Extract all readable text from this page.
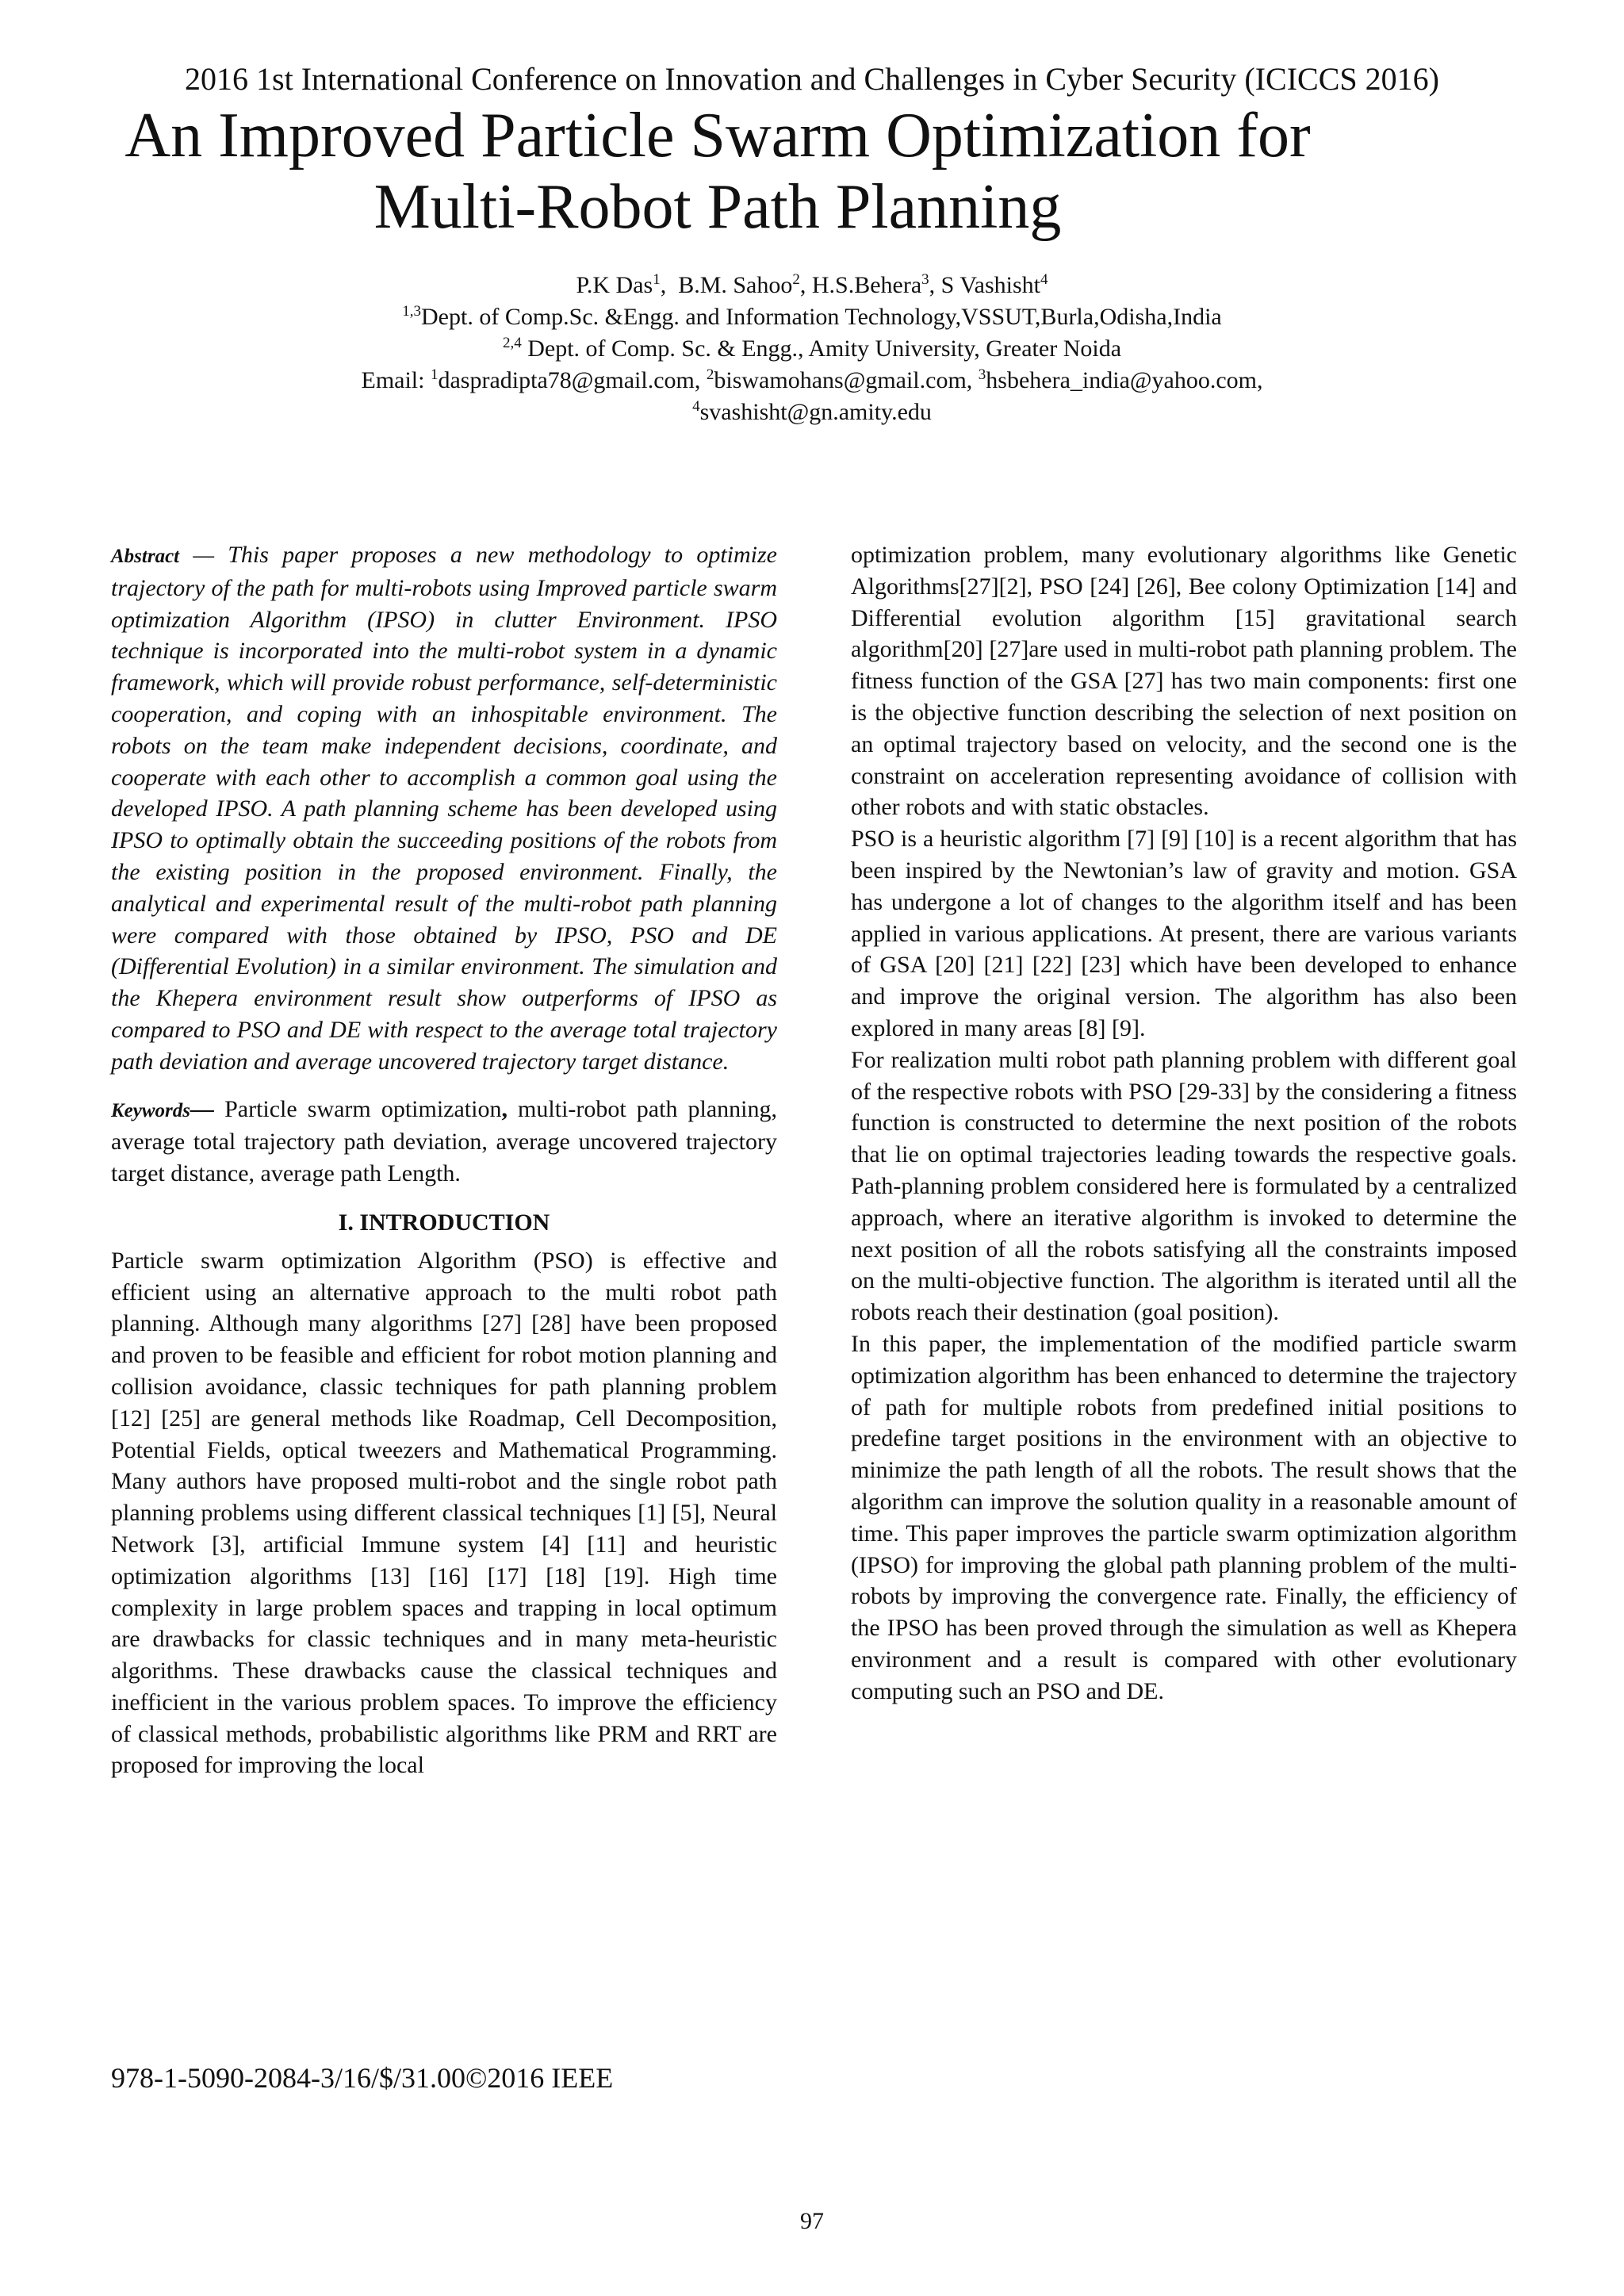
2016 1st International Conference on Innovation and Challenges in Cyber Security (ICICCS 2016)
An Improved Particle Swarm Optimization for
Multi-Robot Path Planning
P.K Das$^1$,  B.M. Sahoo$^2$, H.S.Behera$^3$, S Vashisht$^4$
$^{1,3}$Dept. of Comp.Sc. &Engg. and Information Technology,VSSUT,Burla,Odisha,India
$^{2,4}$ Dept. of Comp. Sc. & Engg., Amity University, Greater Noida
Email: $^1$daspradipta78@gmail.com, $^2$biswamohans@gmail.com, $^3$hsbehera_india@yahoo.com,
$^4$svashisht@gn.amity.edu

Abstract — This paper proposes a new methodology to optimize trajectory of the path for multi-robots using Improved particle swarm optimization Algorithm (IPSO) in clutter Environment. IPSO technique is incorporated into the multi-robot system in a dynamic framework, which will provide robust performance, self-deterministic cooperation, and coping with an inhospitable environment. The robots on the team make independent decisions, coordinate, and cooperate with each other to accomplish a common goal using the developed IPSO. A path planning scheme has been developed using IPSO to optimally obtain the succeeding positions of the robots from the existing position in the proposed environment. Finally, the analytical and experimental result of the multi-robot path planning were compared with those obtained by IPSO, PSO and DE (Differential Evolution) in a similar environment. The simulation and the Khepera environment result show outperforms of IPSO as compared to PSO and DE with respect to the average total trajectory path deviation and average uncovered trajectory target distance.

Keywords— Particle swarm optimization, multi-robot path planning, average total trajectory path deviation, average uncovered trajectory target distance, average path Length.

I. INTRODUCTION

Particle swarm optimization Algorithm (PSO) is effective and efficient using an alternative approach to the multi robot path planning. Although many algorithms [27] [28] have been proposed and proven to be feasible and efficient for robot motion planning and collision avoidance, classic techniques for path planning problem [12] [25] are general methods like Roadmap, Cell Decomposition, Potential Fields, optical tweezers and Mathematical Programming. Many authors have proposed multi-robot and the single robot path planning problems using different classical techniques [1] [5], Neural Network [3], artificial Immune system [4] [11] and heuristic optimization algorithms [13] [16] [17] [18] [19]. High time complexity in large problem spaces and trapping in local optimum are drawbacks for classic techniques and in many meta-heuristic algorithms. These drawbacks cause the classical techniques and inefficient in the various problem spaces. To improve the efficiency of classical methods, probabilistic algorithms like PRM and RRT are proposed for improving the local

optimization problem, many evolutionary algorithms like Genetic Algorithms[27][2], PSO [24] [26], Bee colony Optimization [14] and Differential evolution algorithm [15] gravitational search algorithm[20] [27]are used in multi-robot path planning problem. The fitness function of the GSA [27] has two main components: first one is the objective function describing the selection of next position on an optimal trajectory based on velocity, and the second one is the constraint on acceleration representing avoidance of collision with other robots and with static obstacles.

PSO is a heuristic algorithm [7] [9] [10] is a recent algorithm that has been inspired by the Newtonian’s law of gravity and motion. GSA has undergone a lot of changes to the algorithm itself and has been applied in various applications. At present, there are various variants of GSA [20] [21] [22] [23] which have been developed to enhance and improve the original version. The algorithm has also been explored in many areas [8] [9].

For realization multi robot path planning problem with different goal of the respective robots with PSO [29-33] by the considering a fitness function is constructed to determine the next position of the robots that lie on optimal trajectories leading towards the respective goals. Path-planning problem considered here is formulated by a centralized approach, where an iterative algorithm is invoked to determine the next position of all the robots satisfying all the constraints imposed on the multi-objective function. The algorithm is iterated until all the robots reach their destination (goal position).

In this paper, the implementation of the modified particle swarm optimization algorithm has been enhanced to determine the trajectory of path for multiple robots from predefined initial positions to predefine target positions in the environment with an objective to minimize the path length of all the robots. The result shows that the algorithm can improve the solution quality in a reasonable amount of time. This paper improves the particle swarm optimization algorithm (IPSO) for improving the global path planning problem of the multi-robots by improving the convergence rate. Finally, the efficiency of the IPSO has been proved through the simulation as well as Khepera environment and a result is compared with other evolutionary computing such an PSO and DE.

978-1-5090-2084-3/16/$/31.00©2016 IEEE
97
